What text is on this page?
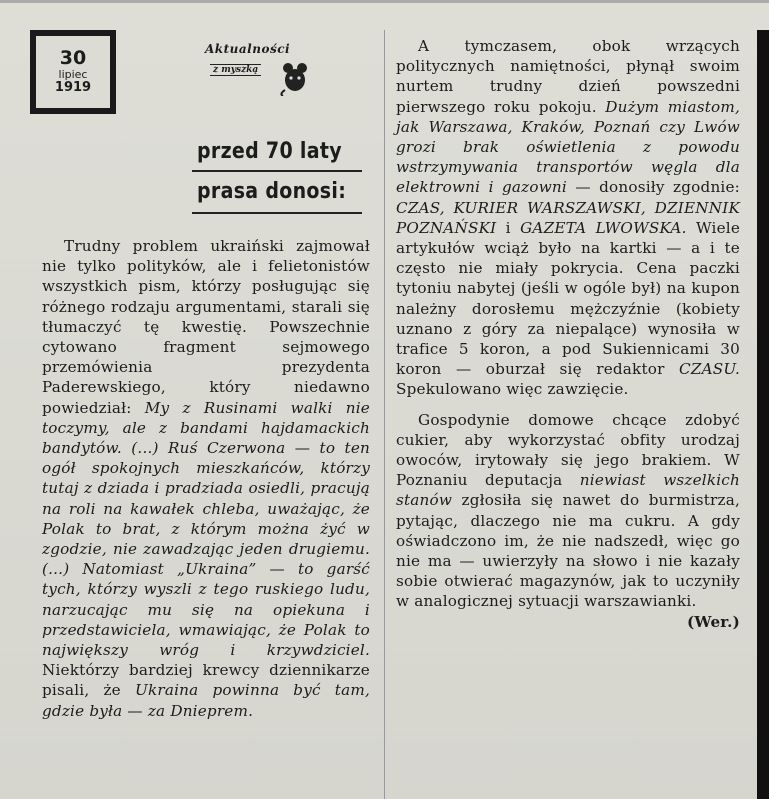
30
lipiec
1919
Aktualności
z myszką
przed 70 laty
prasa donosi:

Trudny problem ukraiński zajmował nie tylko polityków, ale i felietonistów wszystkich pism, którzy posługując się różnego rodzaju argumentami, starali się tłumaczyć tę kwestię. Powszechnie cytowano fragment sejmowego przemówienia prezydenta Paderewskiego, który niedawno powiedział: My z Rusinami walki nie toczymy, ale z bandami hajdamackich bandytów. (...) Ruś Czerwona — to ten ogół spokojnych mieszkańców, którzy tutaj z dziada i pradziada osiedli, pracują na roli na kawałek chleba, uważając, że Polak to brat, z którym można żyć w zgodzie, nie zawadzając jeden drugiemu. (...) Natomiast „Ukraina” — to garść tych, którzy wyszli z tego ruskiego ludu, narzucając mu się na opiekuna i przedstawiciela, wmawiając, że Polak to największy wróg i krzywdziciel. Niektórzy bardziej krewcy dziennikarze pisali, że Ukraina powinna być tam, gdzie była — za Dnieprem.

A tymczasem, obok wrzących politycznych namiętności, płynął swoim nurtem trudny dzień powszedni pierwszego roku pokoju. Dużym miastom, jak Warszawa, Kraków, Poznań czy Lwów grozi brak oświetlenia z powodu wstrzymywania transportów węgla dla elektrowni i gazowni — donosiły zgodnie: CZAS, KURIER WARSZAWSKI, DZIENNIK POZNAŃSKI i GAZETA LWOWSKA. Wiele artykułów wciąż było na kartki — a i te często nie miały pokrycia. Cena paczki tytoniu nabytej (jeśli w ogóle był) na kupon należny dorosłemu mężczyźnie (kobiety uznano z góry za niepalące) wynosiła w trafice 5 koron, a pod Sukiennicami 30 koron — oburzał się redaktor CZASU. Spekulowano więc zawzięcie.

Gospodynie domowe chcące zdobyć cukier, aby wykorzystać obfity urodzaj owoców, irytowały się jego brakiem. W Poznaniu deputacja niewiast wszelkich stanów zgłosiła się nawet do burmistrza, pytając, dlaczego nie ma cukru. A gdy oświadczono im, że nie nadszedł, więc go nie ma — uwierzyły na słowo i nie kazały sobie otwierać magazynów, jak to uczyniły w analogicznej sytuacji warszawianki.
(Wer.)
